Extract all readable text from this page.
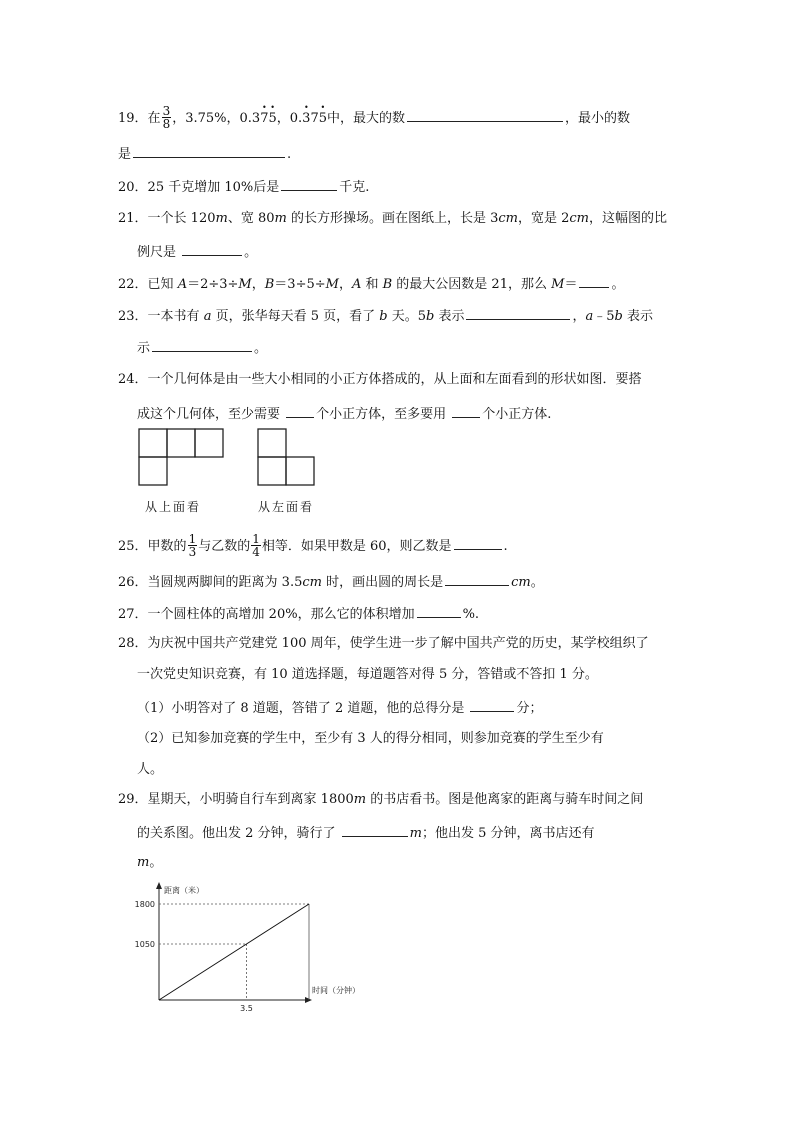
19．在 $\frac{3}{8}$ ，3.75%，0.3• 7• 5，0.• 37• 5中，最大的数	，最小的数
是	.
20．25 千克增加 10%后是	千克.
21．一个长 120m、宽 80m 的长方形操场。画在图纸上，长是 3cm，宽是 2cm，这幅图的比
例尺是	。
22．已知 A＝2÷3÷M，B＝3÷5÷M，A 和 B 的最大公因数是 21，那么 M＝	。
23．一本书有 a 页，张华每天看 5 页，看了 b 天。5b 表示	，a﹣5b 表示
示	。
24．一个几何体是由一些大小相同的小正方体搭成的，从上面和左面看到的形状如图．要搭
成这个几何体，至少需要 个小正方体，至多要用 个小正方体.
从上面看	从左面看
25．甲数的 $\frac{1}{3}$ 与乙数的 $\frac{1}{4}$ 相等．如果甲数是 60，则乙数是	.
26．当圆规两脚间的距离为 3.5cm 时，画出圆的周长是	cm。
27．一个圆柱体的高增加 20%，那么它的体积增加	%.
28．为庆祝中国共产党建党 100 周年，使学生进一步了解中国共产党的历史，某学校组织了
一次党史知识竞赛，有 10 道选择题，每道题答对得 5 分，答错或不答扣 1 分。
（1）小明答对了 8 道题，答错了 2 道题，他的总得分是	分；
（2）已知参加竞赛的学生中，至少有 3 人的得分相同，则参加竞赛的学生至少有
人。
29．星期天，小明骑自行车到离家 1800m 的书店看书。图是他离家的距离与骑车时间之间
的关系图。他出发 2 分钟，骑行了	m；他出发 5 分钟，离书店还有
m。
距离（米）
时间（分钟）
1800
1050
3.5
